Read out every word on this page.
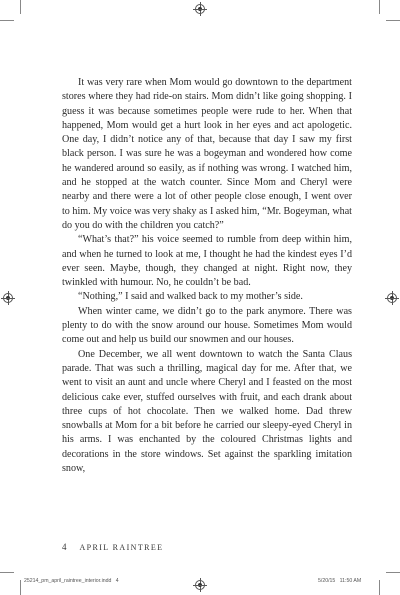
It was very rare when Mom would go downtown to the department stores where they had ride-on stairs. Mom didn’t like going shopping. I guess it was because sometimes people were rude to her. When that happened, Mom would get a hurt look in her eyes and act apologetic. One day, I didn’t notice any of that, because that day I saw my first black person. I was sure he was a bogeyman and wondered how come he wandered around so easily, as if nothing was wrong. I watched him, and he stopped at the watch counter. Since Mom and Cheryl were nearby and there were a lot of other people close enough, I went over to him. My voice was very shaky as I asked him, “Mr. Bogeyman, what do you do with the children you catch?”

“What’s that?” his voice seemed to rumble from deep within him, and when he turned to look at me, I thought he had the kindest eyes I’d ever seen. Maybe, though, they changed at night. Right now, they twinkled with humour. No, he couldn’t be bad.

“Nothing,” I said and walked back to my mother’s side.

When winter came, we didn’t go to the park anymore. There was plenty to do with the snow around our house. Sometimes Mom would come out and help us build our snowmen and our houses.

One December, we all went downtown to watch the Santa Claus parade. That was such a thrilling, magical day for me. After that, we went to visit an aunt and uncle where Cheryl and I feasted on the most delicious cake ever, stuffed ourselves with fruit, and each drank about three cups of hot chocolate. Then we walked home. Dad threw snowballs at Mom for a bit before he carried our sleepy-eyed Cheryl in his arms. I was enchanted by the coloured Christmas lights and decorations in the store windows. Set against the sparkling imitation snow,

4 APRIL RAINTREE
25214_pm_april_raintree_interior.indd   4	5/20/15   11:50 AM
